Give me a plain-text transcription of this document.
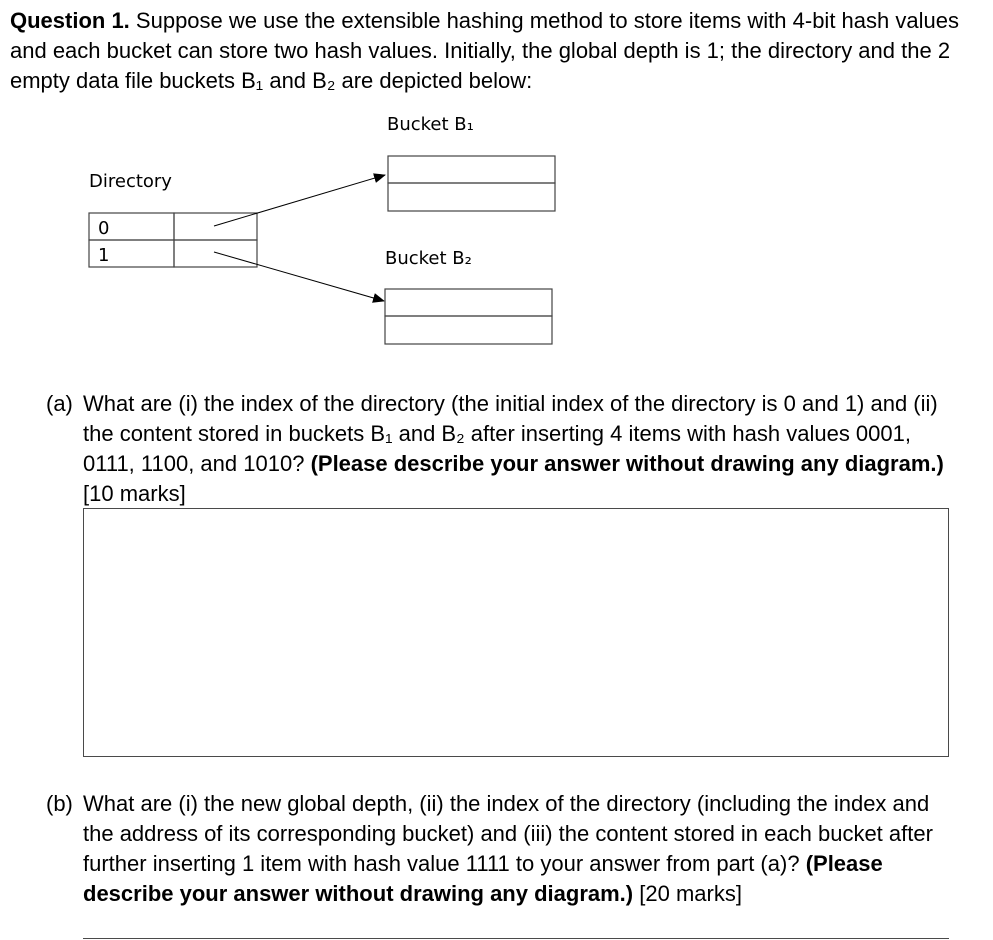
Question 1. Suppose we use the extensible hashing method to store items with 4-bit hash values and each bucket can store two hash values. Initially, the global depth is 1; the directory and the 2 empty data file buckets B₁ and B₂ are depicted below:
Bucket B₁
Directory
0
1	Bucket B₂
(a) What are (i) the index of the directory (the initial index of the directory is 0 and 1) and (ii) the content stored in buckets B₁ and B₂ after inserting 4 items with hash values 0001, 0111, 1100, and 1010? (Please describe your answer without drawing any diagram.) [10 marks]
(b) What are (i) the new global depth, (ii) the index of the directory (including the index and the address of its corresponding bucket) and (iii) the content stored in each bucket after further inserting 1 item with hash value 1111 to your answer from part (a)? (Please describe your answer without drawing any diagram.) [20 marks]
